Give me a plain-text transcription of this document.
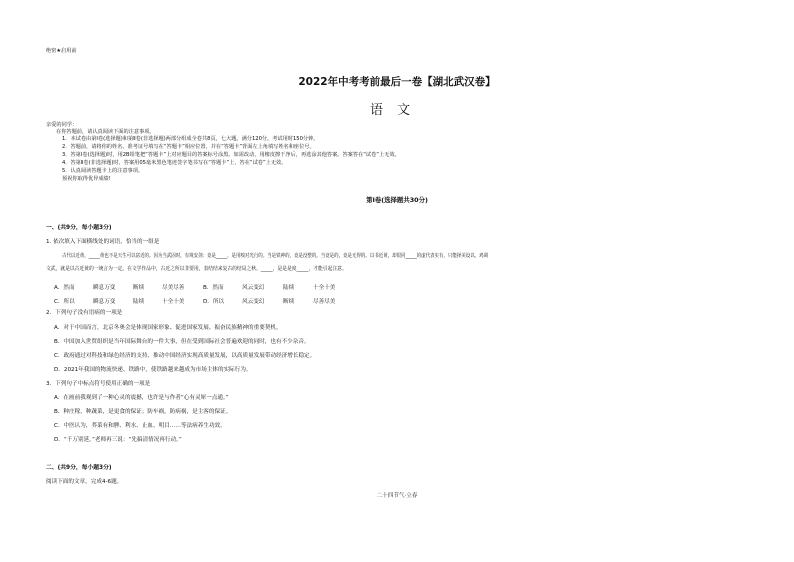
绝密★启用前
2022年中考考前最后一卷【湖北武汉卷】
语文
亲爱的同学：
在你答题前，请认真阅读下面的注意事项。
1．本试卷由第Ⅰ卷(选择题)和第Ⅱ卷(非选择题)两部分组成全卷共8页，七大题。满分120分。考试用时150分钟。
2．答题前，请将你的姓名、准考证号填写在“答题卡”相应位置，并在“答题卡”背面左上角填写姓名和座位号。
3．答第Ⅰ卷(选择题)时，用2B铅笔把“答题卡”上对应题目的答案标号涂黑。如需改动，用橡皮擦干净后，再选涂其他答案。答案答在“试卷”上无效。
4．答第Ⅱ卷(非选择题)时，答案用05毫米黑色笔迹签字笔书写在“答题卡”上，答在“试卷”上无效。
5．认真阅读答题卡上的注意事项。
预祝你取得优异成绩!
第Ⅰ卷(选择题共30分)
一、(共9分，每小题3分)
1. 依次填入下面横线处的词语，恰当的一组是
古代以近黄，_____黄也不是天生可以富近的。因为当武固时，有境安剑：竟是_____，是用嗅对光行的。当是铁神的，竟是没整的。当竟是的，竟是无得的。以书近黄，却很同_____的虚代表实有，只能择美设以。鸡调
文武，就是以古近黄的一统言为一定。在文学作品中，古近之所以非要用，表结结来复古的结局之秋。_____，是是是度_____，才能引起注意。
A．然而	瞬息万变	断续	尽美尽善	B．然而	风云变幻	陆续	十全十美
C．所以	瞬息万变	陆续	十全十美	D．所以	风云变幻	断续	尽善尽美
2．下列句子没有语病的一项是
A．对于中国而言，北京冬奥会是体现国家形象、促进国家发展、振奋民族精神的重要契机。
B．中国加入世贸组织是当年国际舞台的一件大事，但在受到国际社会普遍欢迎的同时，也有不少杂音。
C．政府通过对科技和绿色经济的支持，推动中国经济实现高质量发展，以高质量发展带动经济增长稳定。
D．2021年我国的物流快递、铁路中，使铁路越来越成为市场主体的实际行为。
3．下列句子中标点符号使用正确的一项是
A．在画前我观到了一种心灵的震撼，也许是与作者“心有灵犀一点通。”
B．种庄稼，种蔬菜，是更食的保证；防车祸，防病祸，是主客的保证。
C．中医认为，荞菜有和脾、利水、止血、明目……等法病养生功效。
D．“千万别延，”老师再三说：“先搞清情况再行动。”
二、(共9分，每小题3分)
阅读下面的文章，完成4-6题。
二十四节气·立春
